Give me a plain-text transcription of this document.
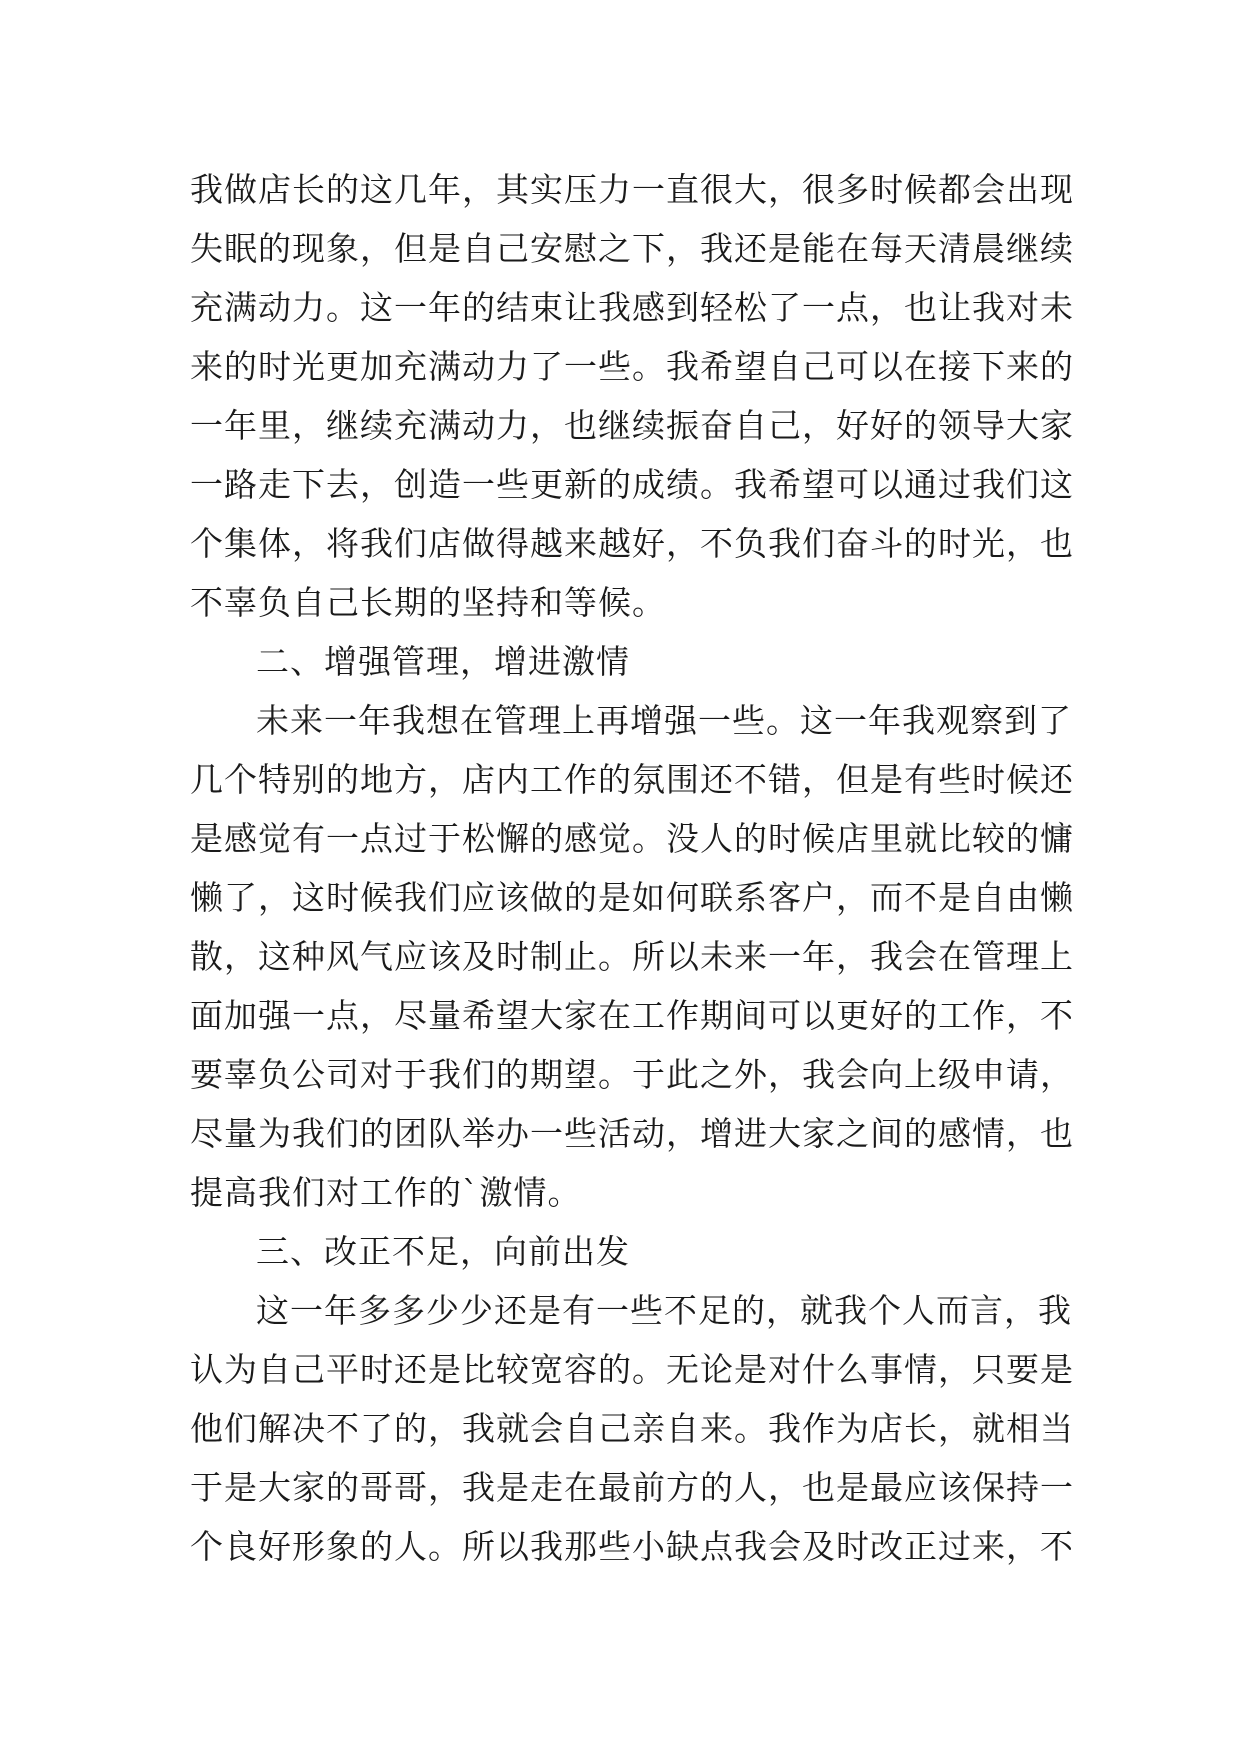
我做店长的这几年，其实压力一直很大，很多时候都会出现
失眠的现象，但是自己安慰之下，我还是能在每天清晨继续
充满动力。这一年的结束让我感到轻松了一点，也让我对未
来的时光更加充满动力了一些。我希望自己可以在接下来的
一年里，继续充满动力，也继续振奋自己，好好的领导大家
一路走下去，创造一些更新的成绩。我希望可以通过我们这
个集体，将我们店做得越来越好，不负我们奋斗的时光，也
不辜负自己长期的坚持和等候。

二、增强管理，增进激情

未来一年我想在管理上再增强一些。这一年我观察到了
几个特别的地方，店内工作的氛围还不错，但是有些时候还
是感觉有一点过于松懈的感觉。没人的时候店里就比较的慵
懒了，这时候我们应该做的是如何联系客户，而不是自由懒
散，这种风气应该及时制止。所以未来一年，我会在管理上
面加强一点，尽量希望大家在工作期间可以更好的工作，不
要辜负公司对于我们的期望。于此之外，我会向上级申请，
尽量为我们的团队举办一些活动，增进大家之间的感情，也
提高我们对工作的`激情。

三、改正不足，向前出发

这一年多多少少还是有一些不足的，就我个人而言，我
认为自己平时还是比较宽容的。无论是对什么事情，只要是
他们解决不了的，我就会自己亲自来。我作为店长，就相当
于是大家的哥哥，我是走在最前方的人，也是最应该保持一
个良好形象的人。所以我那些小缺点我会及时改正过来，不
